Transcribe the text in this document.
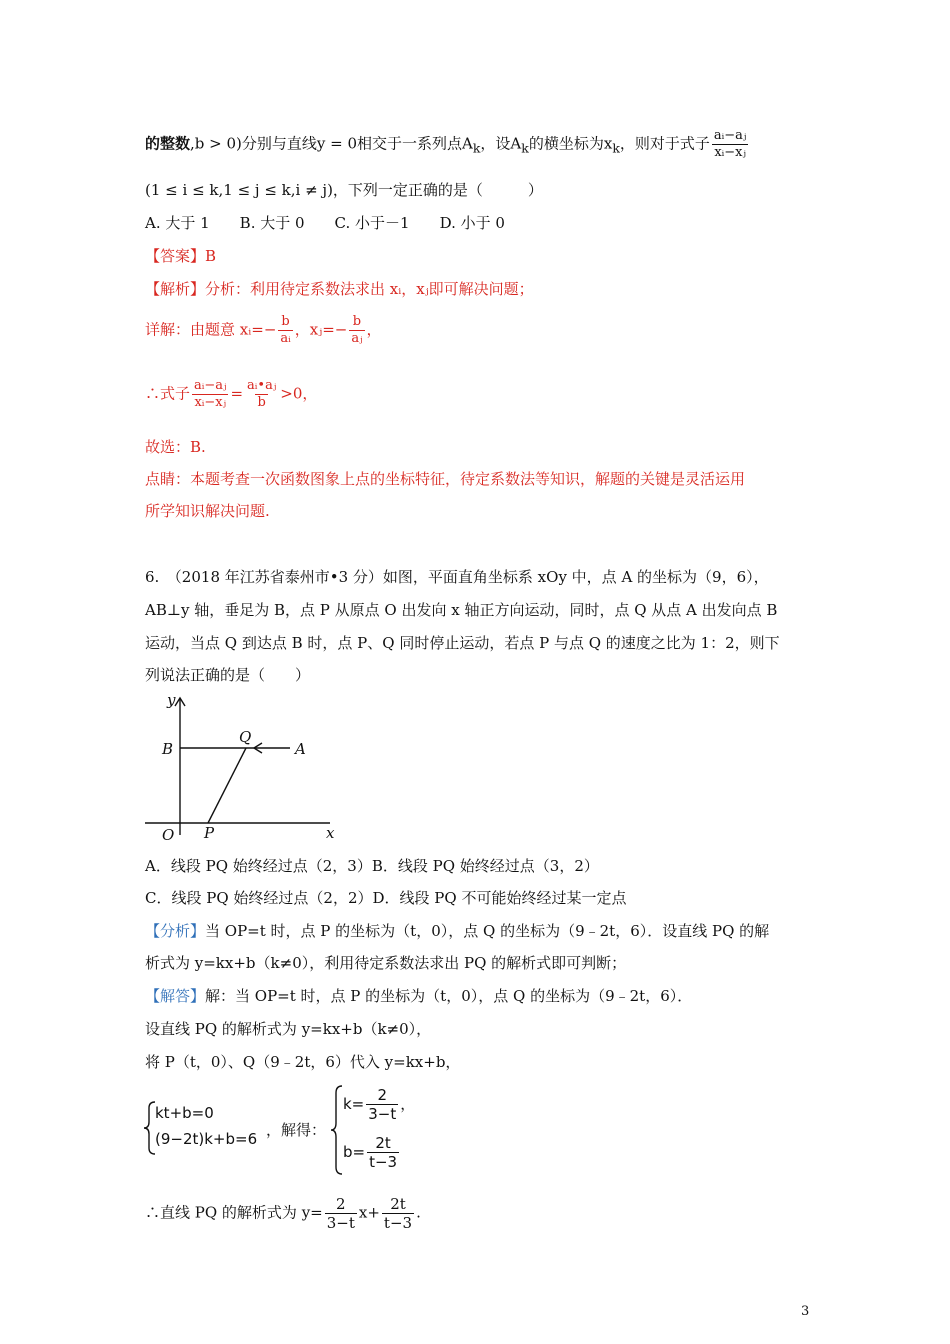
的整数,b > 0)分别与直线y = 0相交于一系列点$A_k$，设$A_k$的横坐标为$x_k$，则对于式子 $\frac{\text{aᵢ−aⱼ}}{\text{xᵢ−xⱼ}}$
(1 ≤ i ≤ k,1 ≤ j ≤ k,i ≠ j)，下列一定正确的是（　　　）
A. 大于 1　　B. 大于 0　　C. 小于－1　　D. 小于 0
【答案】B
【解析】分析：利用待定系数法求出 xᵢ，xⱼ即可解决问题；
详解：由题意 xᵢ=− $\frac{b}{\text{aᵢ}}$ ，xⱼ=− $\frac{b}{\text{aⱼ}}$ ，
∴式子 $\frac{\text{aᵢ−aⱼ}}{\text{xᵢ−xⱼ}} = \frac{\text{aᵢ•aⱼ}}{b} >0$，
故选：B.
点睛：本题考查一次函数图象上点的坐标特征，待定系数法等知识，解题的关键是灵活运用
所学知识解决问题.
6.　（2018 年江苏省泰州市•3 分）如图，平面直角坐标系 xOy 中，点 A 的坐标为（9，6），
AB⊥y 轴，垂足为 B，点 P 从原点 O 出发向 x 轴正方向运动，同时，点 Q 从点 A 出发向点 B
运动，当点 Q 到达点 B 时，点 P、Q 同时停止运动，若点 P 与点 Q 的速度之比为 1：2，则下
列说法正确的是（　　）
y
B
Q
A
O P	x
A．线段 PQ 始终经过点（2，3）B．线段 PQ 始终经过点（3，2）
C．线段 PQ 始终经过点（2，2）D．线段 PQ 不可能始终经过某一定点
【分析】当 OP=t 时，点 P 的坐标为（t，0），点 Q 的坐标为（9﹣2t，6）．设直线 PQ 的解
析式为 y=kx+b（k≠0），利用待定系数法求出 PQ 的解析式即可判断；
【解答】解：当 OP=t 时，点 P 的坐标为（t，0），点 Q 的坐标为（9﹣2t，6）．
设直线 PQ 的解析式为 y=kx+b（k≠0），
将 P（t，0）、Q（9﹣2t，6）代入 y=kx+b，
kt+b=0
(9−2t)k+b=6 ，解得：
$k= \frac{2}{3-t}$ ，
$b= \frac{2t}{t-3}$
∴直线 PQ 的解析式为 $y= \frac{2}{3-t} x+ \frac{2t}{t-3}$ .
3
